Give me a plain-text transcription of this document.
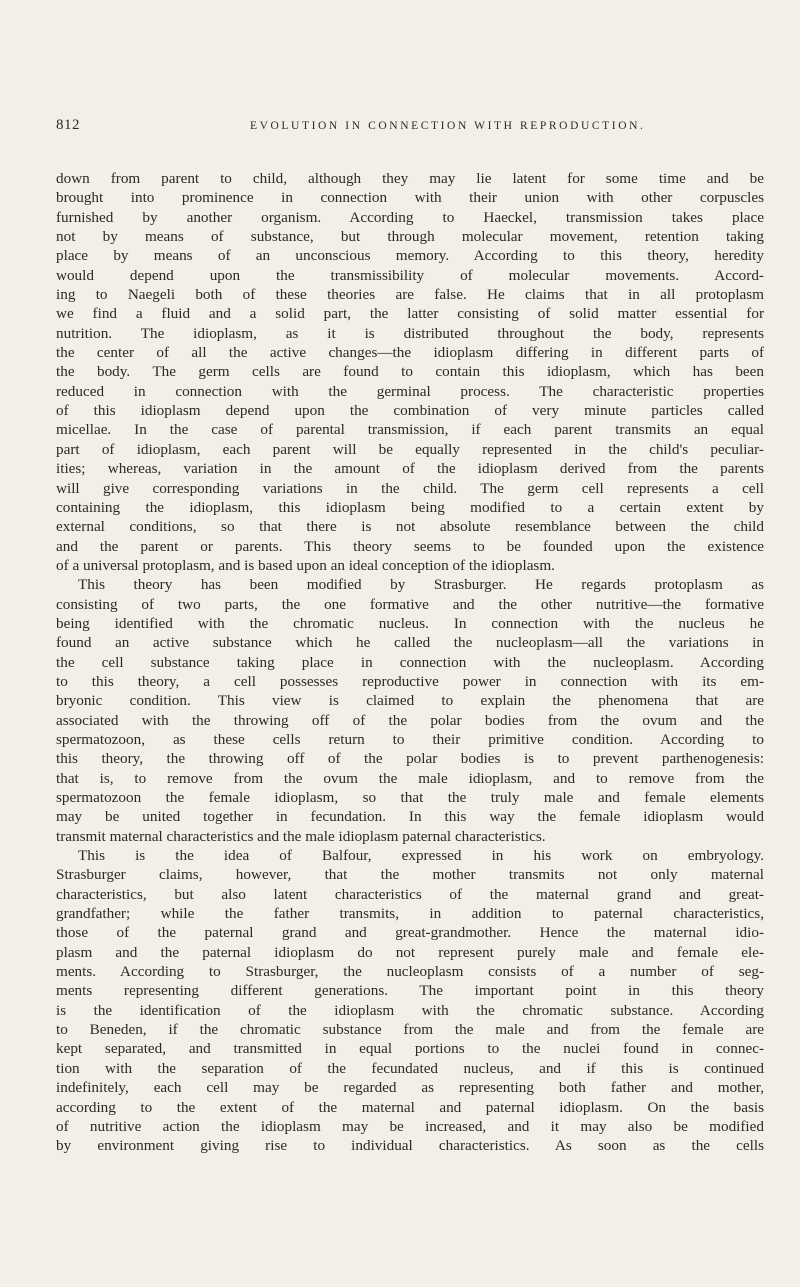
812	EVOLUTION IN CONNECTION WITH REPRODUCTION.
down from parent to child, although they may lie latent for some time and be
brought into prominence in connection with their union with other corpuscles
furnished by another organism. According to Haeckel, transmission takes place
not by means of substance, but through molecular movement, retention taking
place by means of an unconscious memory. According to this theory, heredity
would depend upon the transmissibility of molecular movements. Accord-
ing to Naegeli both of these theories are false. He claims that in all protoplasm
we find a fluid and a solid part, the latter consisting of solid matter essential for
nutrition. The idioplasm, as it is distributed throughout the body, represents
the center of all the active changes—the idioplasm differing in different parts of
the body. The germ cells are found to contain this idioplasm, which has been
reduced in connection with the germinal process. The characteristic properties
of this idioplasm depend upon the combination of very minute particles called
micellae. In the case of parental transmission, if each parent transmits an equal
part of idioplasm, each parent will be equally represented in the child's peculiar-
ities; whereas, variation in the amount of the idioplasm derived from the parents
will give corresponding variations in the child. The germ cell represents a cell
containing the idioplasm, this idioplasm being modified to a certain extent by
external conditions, so that there is not absolute resemblance between the child
and the parent or parents. This theory seems to be founded upon the existence
of a universal protoplasm, and is based upon an ideal conception of the idioplasm.
This theory has been modified by Strasburger. He regards protoplasm as
consisting of two parts, the one formative and the other nutritive—the formative
being identified with the chromatic nucleus. In connection with the nucleus he
found an active substance which he called the nucleoplasm—all the variations in
the cell substance taking place in connection with the nucleoplasm. According
to this theory, a cell possesses reproductive power in connection with its em-
bryonic condition. This view is claimed to explain the phenomena that are
associated with the throwing off of the polar bodies from the ovum and the
spermatozoon, as these cells return to their primitive condition. According to
this theory, the throwing off of the polar bodies is to prevent parthenogenesis:
that is, to remove from the ovum the male idioplasm, and to remove from the
spermatozoon the female idioplasm, so that the truly male and female elements
may be united together in fecundation. In this way the female idioplasm would
transmit maternal characteristics and the male idioplasm paternal characteristics.
This is the idea of Balfour, expressed in his work on embryology.
Strasburger claims, however, that the mother transmits not only maternal
characteristics, but also latent characteristics of the maternal grand and great-
grandfather; while the father transmits, in addition to paternal characteristics,
those of the paternal grand and great-grandmother. Hence the maternal idio-
plasm and the paternal idioplasm do not represent purely male and female ele-
ments. According to Strasburger, the nucleoplasm consists of a number of seg-
ments representing different generations. The important point in this theory
is the identification of the idioplasm with the chromatic substance. According
to Beneden, if the chromatic substance from the male and from the female are
kept separated, and transmitted in equal portions to the nuclei found in connec-
tion with the separation of the fecundated nucleus, and if this is continued
indefinitely, each cell may be regarded as representing both father and mother,
according to the extent of the maternal and paternal idioplasm. On the basis
of nutritive action the idioplasm may be increased, and it may also be modified
by environment giving rise to individual characteristics. As soon as the cells
